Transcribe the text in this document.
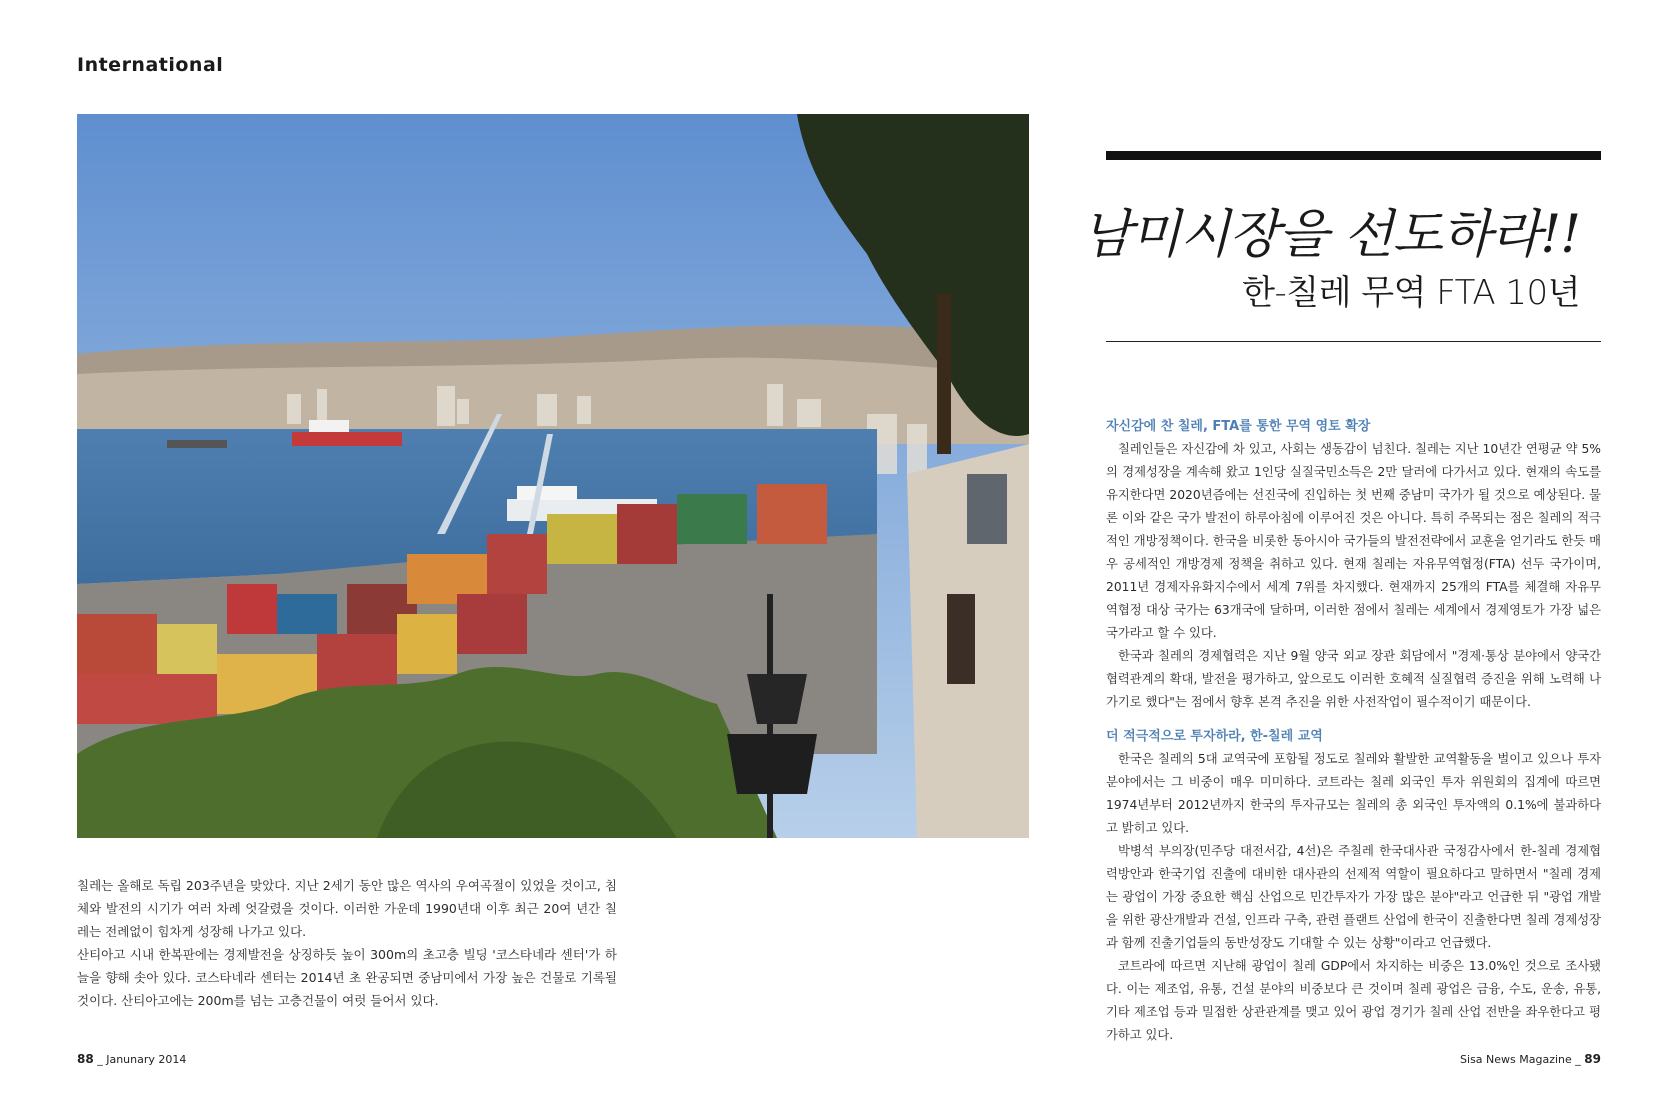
International

칠레는 올해로 독립 203주년을 맞았다. 지난 2세기 동안 많은 역사의 우여곡절이 있었을 것이고, 침체와 발전의 시기가 여러 차례 엇갈렸을 것이다. 이러한 가운데 1990년대 이후 최근 20여 년간 칠레는 전례없이 힘차게 성장해 나가고 있다.

산티아고 시내 한복판에는 경제발전을 상징하듯 높이 300m의 초고층 빌딩 '코스타네라 센터'가 하늘을 향해 솟아 있다. 코스타네라 센터는 2014년 초 완공되면 중남미에서 가장 높은 건물로 기록될 것이다. 산티아고에는 200m를 넘는 고층건물이 여럿 들어서 있다.

남미시장을 선도하라!!
한-칠레 무역 FTA 10년
자신감에 찬 칠레, FTA를 통한 무역 영토 확장

칠레인들은 자신감에 차 있고, 사회는 생동감이 넘친다. 칠레는 지난 10년간 연평균 약 5%의 경제성장을 계속해 왔고 1인당 실질국민소득은 2만 달러에 다가서고 있다. 현재의 속도를 유지한다면 2020년즘에는 선진국에 진입하는 첫 번째 중남미 국가가 될 것으로 예상된다. 물론 이와 같은 국가 발전이 하루아침에 이루어진 것은 아니다. 특히 주목되는 점은 칠레의 적극적인 개방정책이다. 한국을 비롯한 동아시아 국가들의 발전전략에서 교훈을 얻기라도 한듯 매우 공세적인 개방경제 정책을 취하고 있다. 현재 칠레는 자유무역협정(FTA) 선두 국가이며, 2011년 경제자유화지수에서 세계 7위를 차지했다. 현재까지 25개의 FTA를 체결해 자유무역협정 대상 국가는 63개국에 달하며, 이러한 점에서 칠레는 세계에서 경제영토가 가장 넓은 국가라고 할 수 있다.

한국과 칠레의 경제협력은 지난 9월 양국 외교 장관 회담에서 "경제·통상 분야에서 양국간 협력관계의 확대, 발전을 평가하고, 앞으로도 이러한 호혜적 실질협력 증진을 위해 노력해 나가기로 했다"는 점에서 향후 본격 추진을 위한 사전작업이 필수적이기 때문이다.

더 적극적으로 투자하라, 한-칠레 교역

한국은 칠레의 5대 교역국에 포함될 정도로 칠레와 활발한 교역활동을 벌이고 있으나 투자분야에서는 그 비중이 매우 미미하다. 코트라는 칠레 외국인 투자 위원회의 집계에 따르면 1974년부터 2012년까지 한국의 투자규모는 칠레의 총 외국인 투자액의 0.1%에 불과하다고 밝히고 있다.

박병석 부의장(민주당 대전서갑, 4선)은 주칠레 한국대사관 국정감사에서 한-칠레 경제협력방안과 한국기업 진출에 대비한 대사관의 선제적 역할이 필요하다고 말하면서 "칠레 경제는 광업이 가장 중요한 핵심 산업으로 민간투자가 가장 많은 분야"라고 언급한 뒤 "광업 개발을 위한 광산개발과 건설, 인프라 구축, 관련 플랜트 산업에 한국이 진출한다면 칠레 경제성장과 함께 진출기업들의 동반성장도 기대할 수 있는 상황"이라고 언급했다.

코트라에 따르면 지난해 광업이 칠레 GDP에서 차지하는 비중은 13.0%인 것으로 조사됐다. 이는 제조업, 유통, 건설 분야의 비중보다 큰 것이며 칠레 광업은 금융, 수도, 운송, 유통, 기타 제조업 등과 밀접한 상관관계를 맺고 있어 광업 경기가 칠레 산업 전반을 좌우한다고 평가하고 있다.

88 _ Janunary 2014	Sisa News Magazine _ 89
